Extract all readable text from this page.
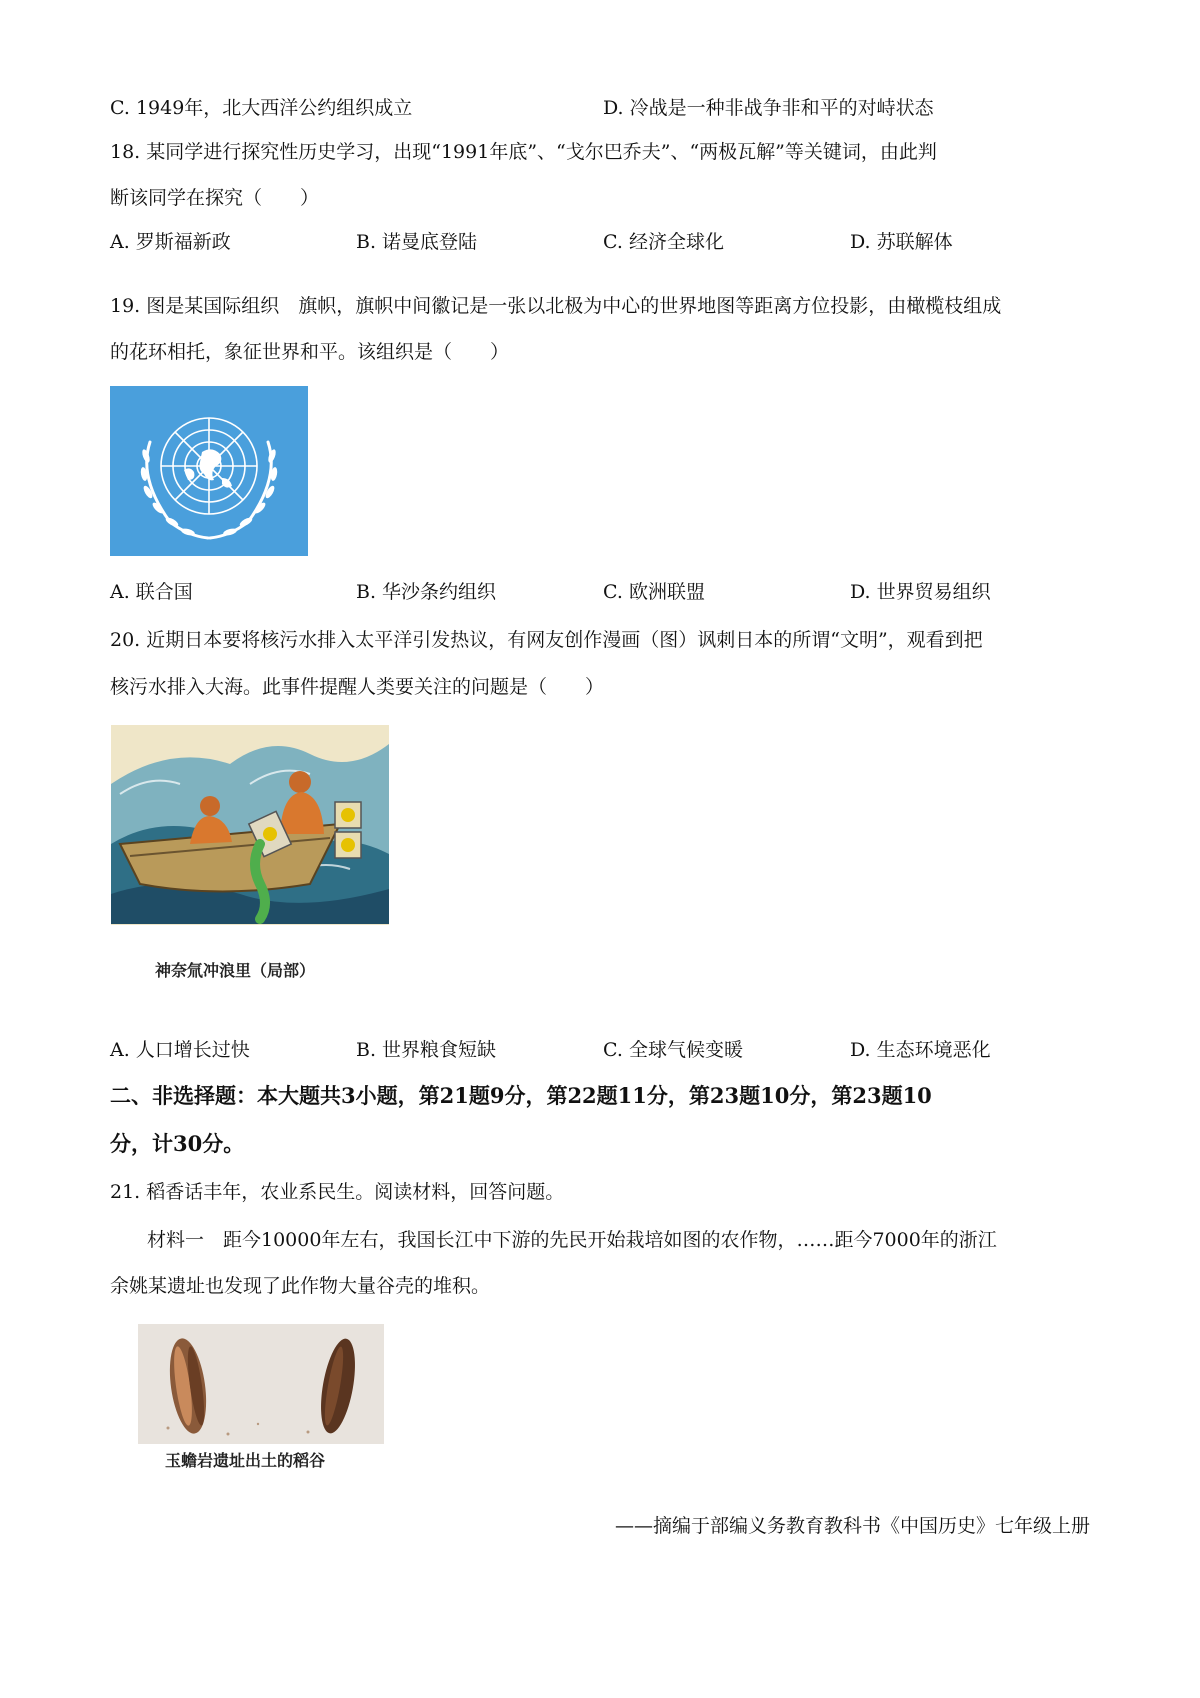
C. 1949年，北大西洋公约组织成立	D. 冷战是一种非战争非和平的对峙状态
18. 某同学进行探究性历史学习，出现“1991年底”、“戈尔巴乔夫”、“两极瓦解”等关键词，由此判
断该同学在探究（　　）
A. 罗斯福新政	B. 诺曼底登陆	C. 经济全球化	D. 苏联解体
19. 图是某国际组织　旗帜，旗帜中间徽记是一张以北极为中心的世界地图等距离方位投影，由橄榄枝组成
的花环相托，象征世界和平。该组织是（　　）
A. 联合国	B. 华沙条约组织	C. 欧洲联盟	D. 世界贸易组织
20. 近期日本要将核污水排入太平洋引发热议，有网友创作漫画（图）讽刺日本的所谓“文明”，观看到把
核污水排入大海。此事件提醒人类要关注的问题是（　　）
神奈氚冲浪里（局部）
A. 人口增长过快	B. 世界粮食短缺	C. 全球气候变暖	D. 生态环境恶化
二、非选择题：本大题共3小题，第21题9分，第22题11分，第23题10分，第23题10
分，计30分。
21. 稻香话丰年，农业系民生。阅读材料，回答问题。
材料一　距今10000年左右，我国长江中下游的先民开始栽培如图的农作物，……距今7000年的浙江
余姚某遗址也发现了此作物大量谷壳的堆积。
玉蟾岩遗址出土的稻谷
——摘编于部编义务教育教科书《中国历史》七年级上册
